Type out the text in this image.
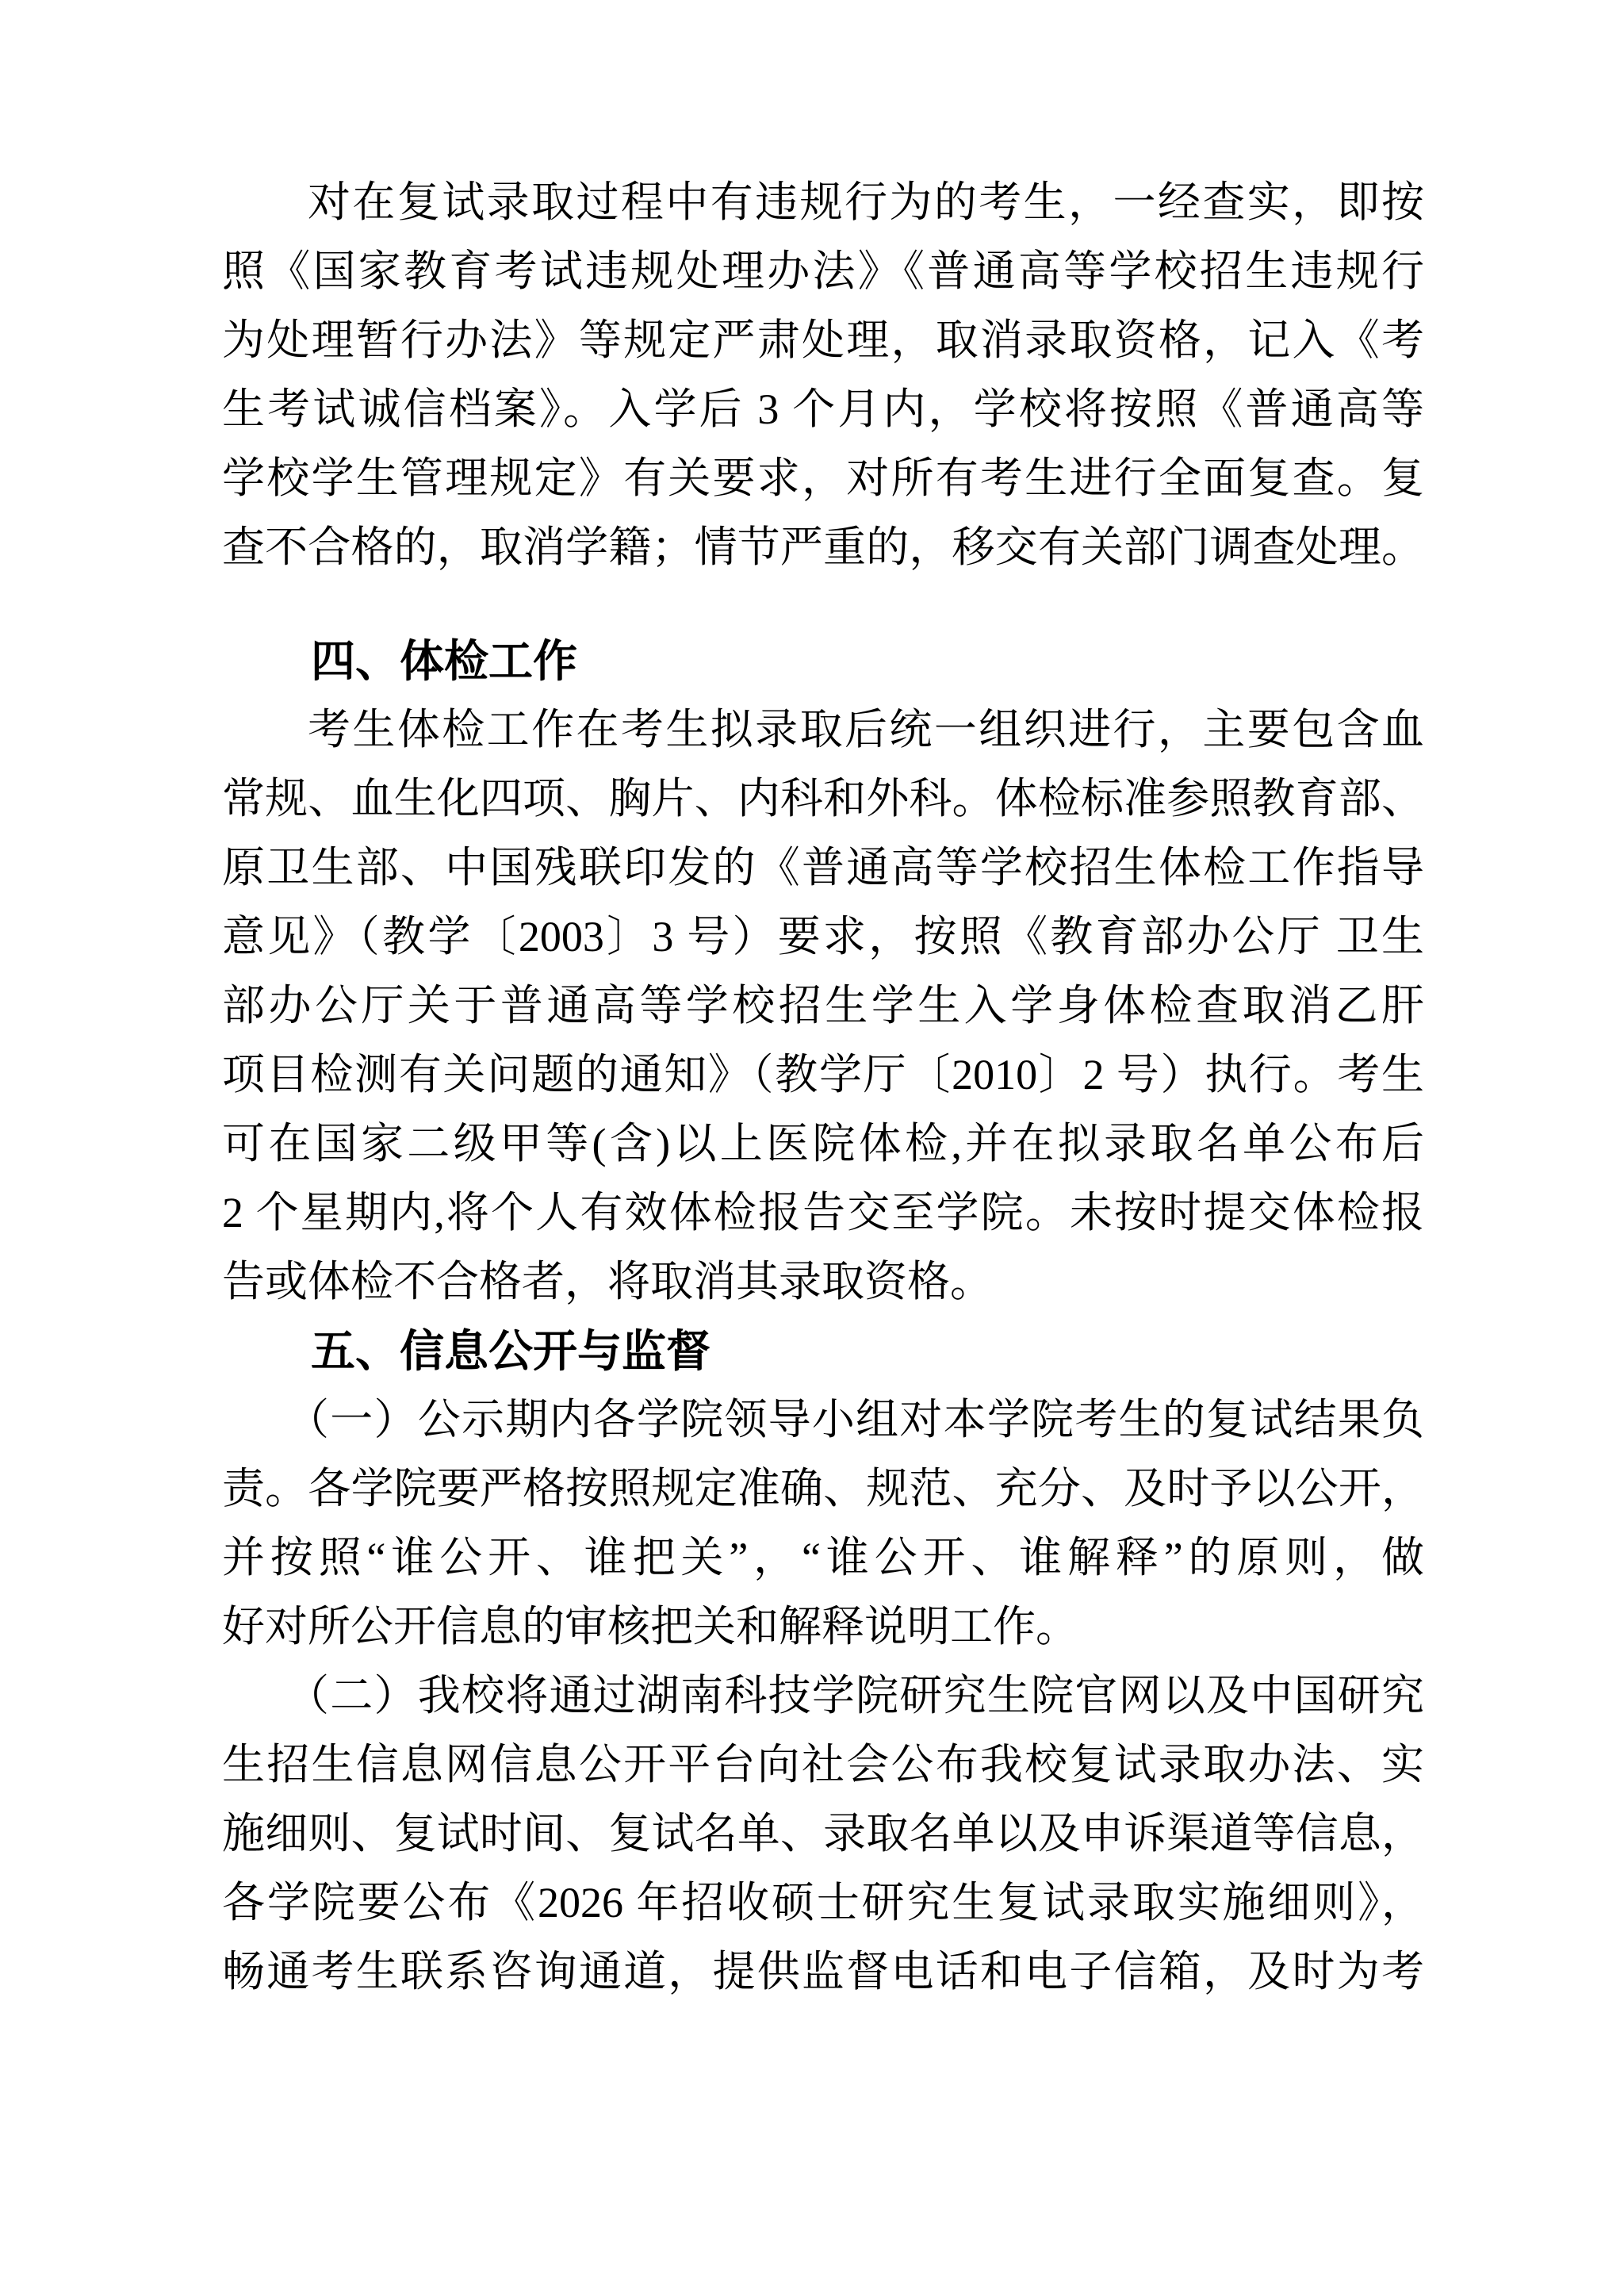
对在复试录取过程中有违规行为的考生，一经查实，即按
照《国家教育考试违规处理办法》《普通高等学校招生违规行
为处理暂行办法》等规定严肃处理，取消录取资格，记入《考
生考试诚信档案》。入学后 3 个月内，学校将按照《普通高等
学校学生管理规定》有关要求，对所有考生进行全面复查。复
查不合格的，取消学籍；情节严重的，移交有关部门调查处理。
四、体检工作
考生体检工作在考生拟录取后统一组织进行，主要包含血
常规、血生化四项、胸片、内科和外科。体检标准参照教育部、
原卫生部、中国残联印发的《普通高等学校招生体检工作指导
意见》（教学〔2003〕3 号）要求，按照《教育部办公厅 卫生
部办公厅关于普通高等学校招生学生入学身体检查取消乙肝
项目检测有关问题的通知》（教学厅〔2010〕2 号）执行。考生
可在国家二级甲等(含)以上医院体检,并在拟录取名单公布后
2 个星期内,将个人有效体检报告交至学院。未按时提交体检报
告或体检不合格者，将取消其录取资格。
五、信息公开与监督
（一）公示期内各学院领导小组对本学院考生的复试结果负
责。各学院要严格按照规定准确、规范、充分、及时予以公开，
并按照“谁公开、谁把关”，“谁公开、谁解释”的原则，做
好对所公开信息的审核把关和解释说明工作。
（二）我校将通过湖南科技学院研究生院官网以及中国研究
生招生信息网信息公开平台向社会公布我校复试录取办法、实
施细则、复试时间、复试名单、录取名单以及申诉渠道等信息，
各学院要公布《2026 年招收硕士研究生复试录取实施细则》，
畅通考生联系咨询通道，提供监督电话和电子信箱，及时为考
